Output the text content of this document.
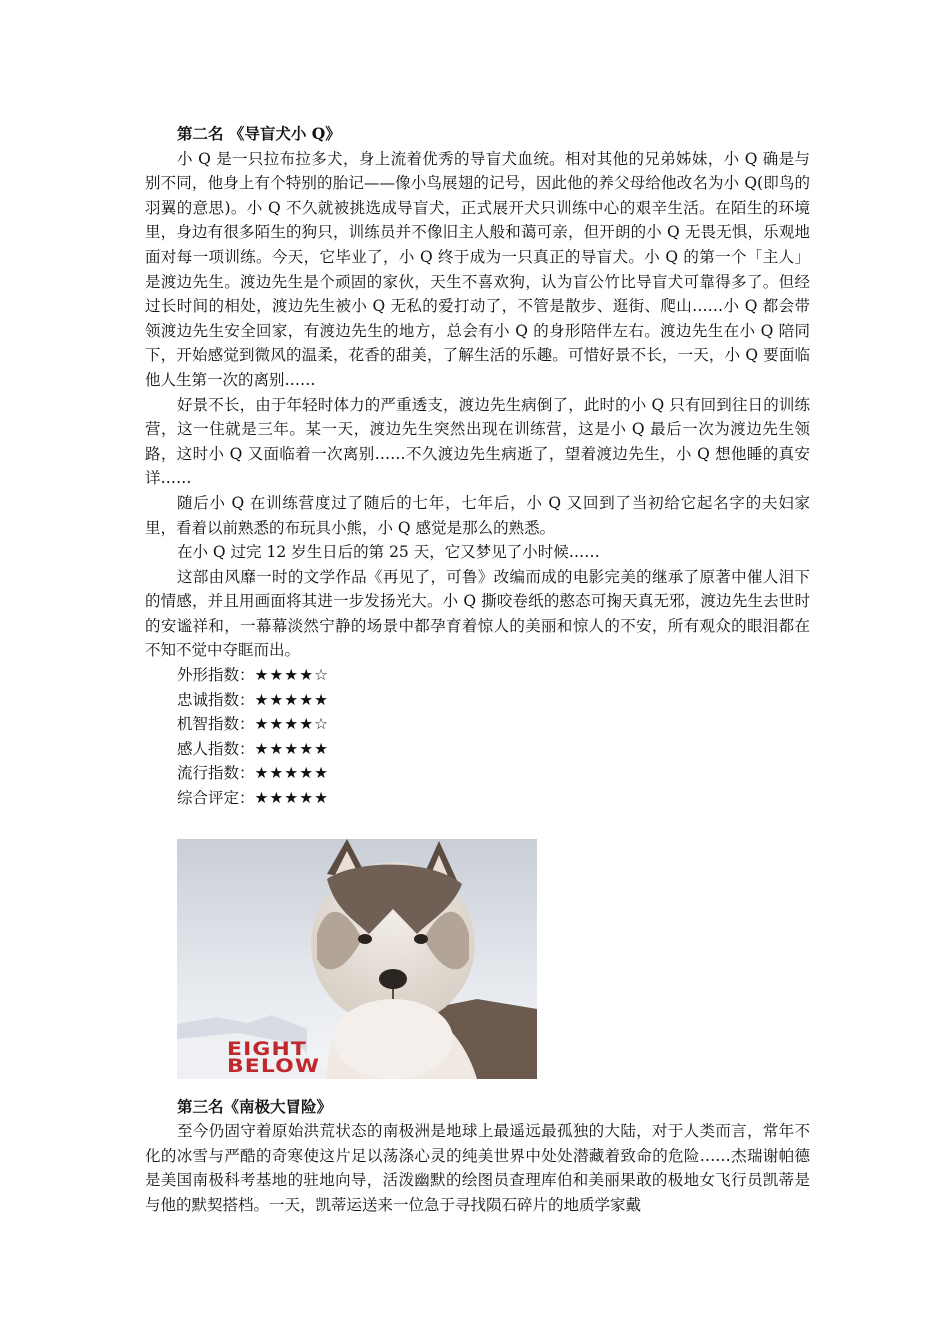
第二名 《导盲犬小 Q》

小 Q 是一只拉布拉多犬，身上流着优秀的导盲犬血统。相对其他的兄弟姊妹，小 Q 确是与别不同，他身上有个特别的胎记——像小鸟展翅的记号，因此他的养父母给他改名为小 Q(即鸟的羽翼的意思)。小 Q 不久就被挑选成导盲犬，正式展开犬只训练中心的艰辛生活。在陌生的环境里，身边有很多陌生的狗只，训练员并不像旧主人般和蔼可亲，但开朗的小 Q 无畏无惧，乐观地面对每一项训练。今天，它毕业了，小 Q 终于成为一只真正的导盲犬。小 Q 的第一个「主人」是渡边先生。渡边先生是个顽固的家伙，天生不喜欢狗，认为盲公竹比导盲犬可靠得多了。但经过长时间的相处，渡边先生被小 Q 无私的爱打动了，不管是散步、逛街、爬山……小 Q 都会带领渡边先生安全回家，有渡边先生的地方，总会有小 Q 的身形陪伴左右。渡边先生在小 Q 陪同下，开始感觉到微风的温柔，花香的甜美，了解生活的乐趣。可惜好景不长，一天，小 Q 要面临他人生第一次的离别……

好景不长，由于年轻时体力的严重透支，渡边先生病倒了，此时的小 Q 只有回到往日的训练营，这一住就是三年。某一天，渡边先生突然出现在训练营，这是小 Q 最后一次为渡边先生领路，这时小 Q 又面临着一次离别……不久渡边先生病逝了，望着渡边先生，小 Q 想他睡的真安详……

随后小 Q 在训练营度过了随后的七年，七年后，小 Q 又回到了当初给它起名字的夫妇家里，看着以前熟悉的布玩具小熊，小 Q 感觉是那么的熟悉。

在小 Q 过完 12 岁生日后的第 25 天，它又梦见了小时候……

这部由风靡一时的文学作品《再见了，可鲁》改编而成的电影完美的继承了原著中催人泪下的情感，并且用画面将其进一步发扬光大。小 Q 撕咬卷纸的憨态可掬天真无邪，渡边先生去世时的安谧祥和，一幕幕淡然宁静的场景中都孕育着惊人的美丽和惊人的不安，所有观众的眼泪都在不知不觉中夺眶而出。

外形指数：★★★★☆

忠诚指数：★★★★★

机智指数：★★★★☆

感人指数：★★★★★

流行指数：★★★★★

综合评定：★★★★★

EIGHT
BELOW

第三名《南极大冒险》

至今仍固守着原始洪荒状态的南极洲是地球上最遥远最孤独的大陆，对于人类而言，常年不化的冰雪与严酷的奇寒使这片足以荡涤心灵的纯美世界中处处潜藏着致命的危险……杰瑞谢帕德是美国南极科考基地的驻地向导，活泼幽默的绘图员查理库伯和美丽果敢的极地女飞行员凯蒂是与他的默契搭档。一天，凯蒂运送来一位急于寻找陨石碎片的地质学家戴
